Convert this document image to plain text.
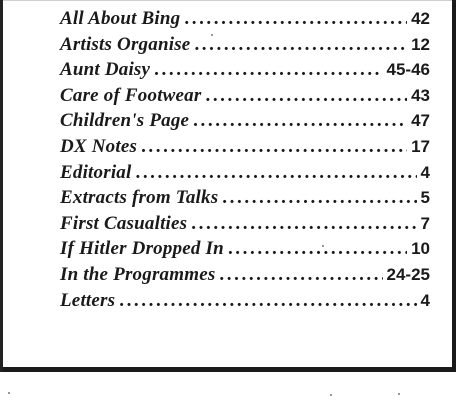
All About Bing .....	42
Artists Organise .....	12
Aunt Daisy .....	45-46
Care of Footwear .....	43
Children's Page .....	47
DX Notes .....	17
Editorial .....	4
Extracts from Talks .....	5
First Casualties .....	7
If Hitler Dropped In .....	10
In the Programmes .....	24-25
Letters .....	4
